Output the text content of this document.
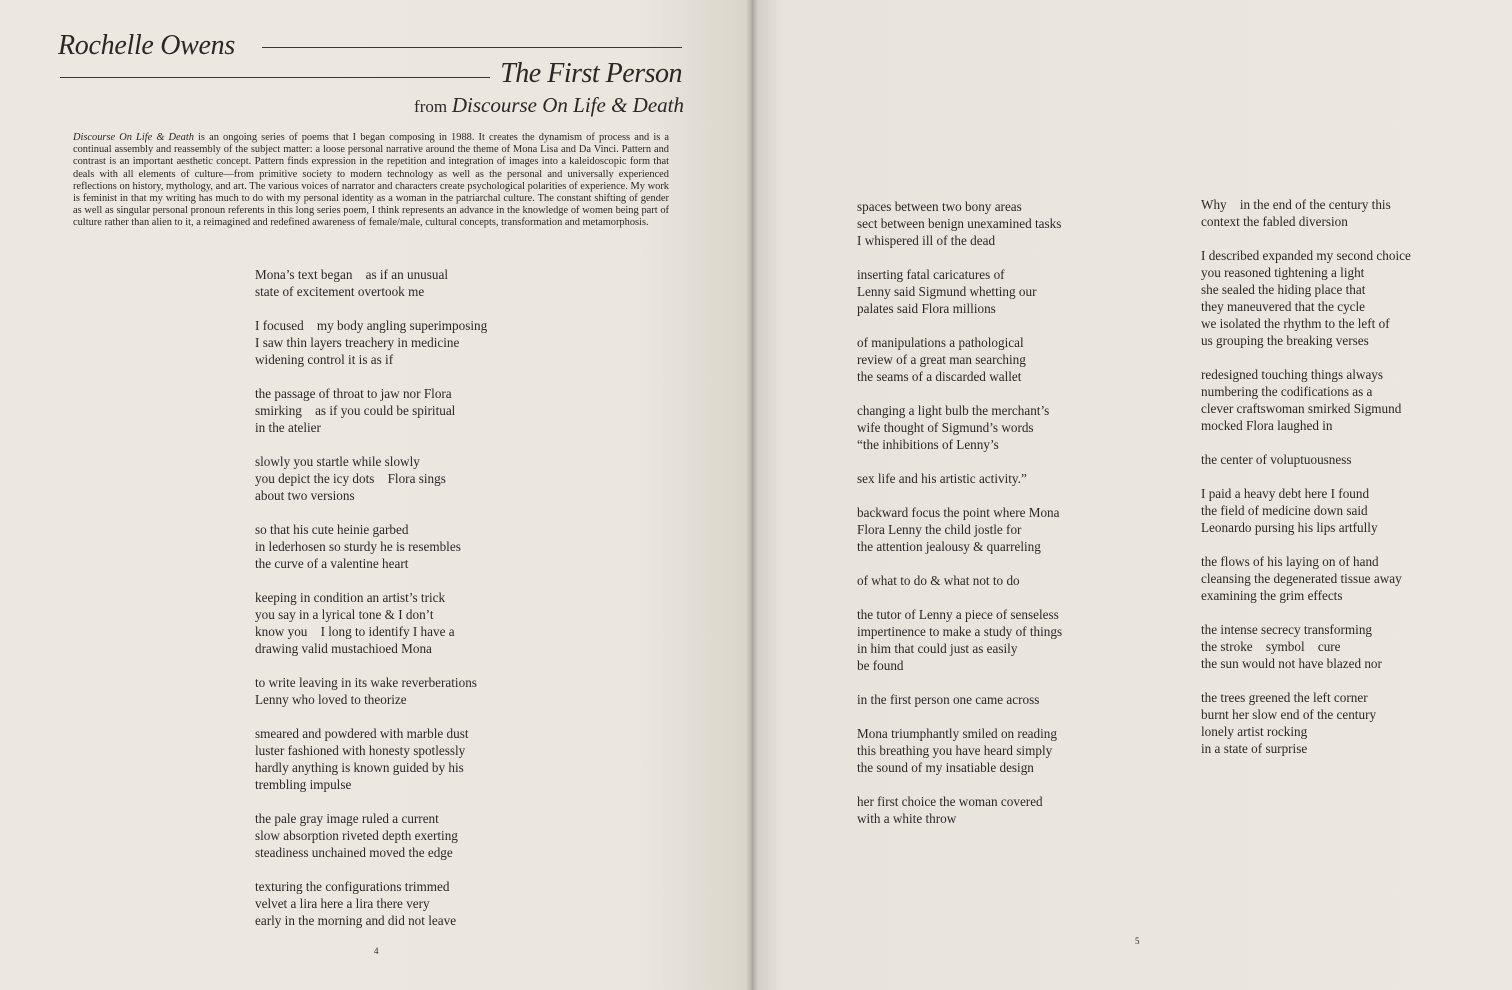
Rochelle Owens
The First Person
from Discourse On Life & Death
Discourse On Life & Death is an ongoing series of poems that I began composing in 1988. It creates the dynamism of process and is a continual assembly and reassembly of the subject matter: a loose personal narrative around the theme of Mona Lisa and Da Vinci. Pattern and contrast is an important aesthetic concept. Pattern finds expression in the repetition and integration of images into a kaleidoscopic form that deals with all elements of culture—from primitive society to modern technology as well as the personal and universally experienced reflections on history, mythology, and art. The various voices of narrator and characters create psychological polarities of experience. My work is feminist in that my writing has much to do with my personal identity as a woman in the patriarchal culture. The constant shifting of gender as well as singular personal pronoun referents in this long series poem, I think represents an advance in the knowledge of women being part of culture rather than alien to it, a reimagined and redefined awareness of female/male, cultural concepts, transformation and metamorphosis.
Mona’s text began    as if an unusual
state of excitement overtook me
I focused    my body angling superimposing
I saw thin layers treachery in medicine
widening control it is as if
the passage of throat to jaw nor Flora
smirking    as if you could be spiritual
in the atelier
slowly you startle while slowly
you depict the icy dots    Flora sings
about two versions
so that his cute heinie garbed
in lederhosen so sturdy he is resembles
the curve of a valentine heart
keeping in condition an artist’s trick
you say in a lyrical tone & I don’t
know you    I long to identify I have a
drawing valid mustachioed Mona
to write leaving in its wake reverberations
Lenny who loved to theorize
smeared and powdered with marble dust
luster fashioned with honesty spotlessly
hardly anything is known guided by his
trembling impulse
the pale gray image ruled a current
slow absorption riveted depth exerting
steadiness unchained moved the edge
texturing the configurations trimmed
velvet a lira here a lira there very
early in the morning and did not leave
4
spaces between two bony areas
sect between benign unexamined tasks
I whispered ill of the dead
inserting fatal caricatures of
Lenny said Sigmund whetting our
palates said Flora millions
of manipulations a pathological
review of a great man searching
the seams of a discarded wallet
changing a light bulb the merchant’s
wife thought of Sigmund’s words
“the inhibitions of Lenny’s
sex life and his artistic activity.”
backward focus the point where Mona
Flora Lenny the child jostle for
the attention jealousy & quarreling
of what to do & what not to do
the tutor of Lenny a piece of senseless
impertinence to make a study of things
in him that could just as easily
be found
in the first person one came across
Mona triumphantly smiled on reading
this breathing you have heard simply
the sound of my insatiable design
her first choice the woman covered
with a white throw
Why    in the end of the century this
context the fabled diversion
I described expanded my second choice
you reasoned tightening a light
she sealed the hiding place that
they maneuvered that the cycle
we isolated the rhythm to the left of
us grouping the breaking verses
redesigned touching things always
numbering the codifications as a
clever craftswoman smirked Sigmund
mocked Flora laughed in
the center of voluptuousness
I paid a heavy debt here I found
the field of medicine down said
Leonardo pursing his lips artfully
the flows of his laying on of hand
cleansing the degenerated tissue away
examining the grim effects
the intense secrecy transforming
the stroke    symbol    cure
the sun would not have blazed nor
the trees greened the left corner
burnt her slow end of the century
lonely artist rocking
in a state of surprise
5
